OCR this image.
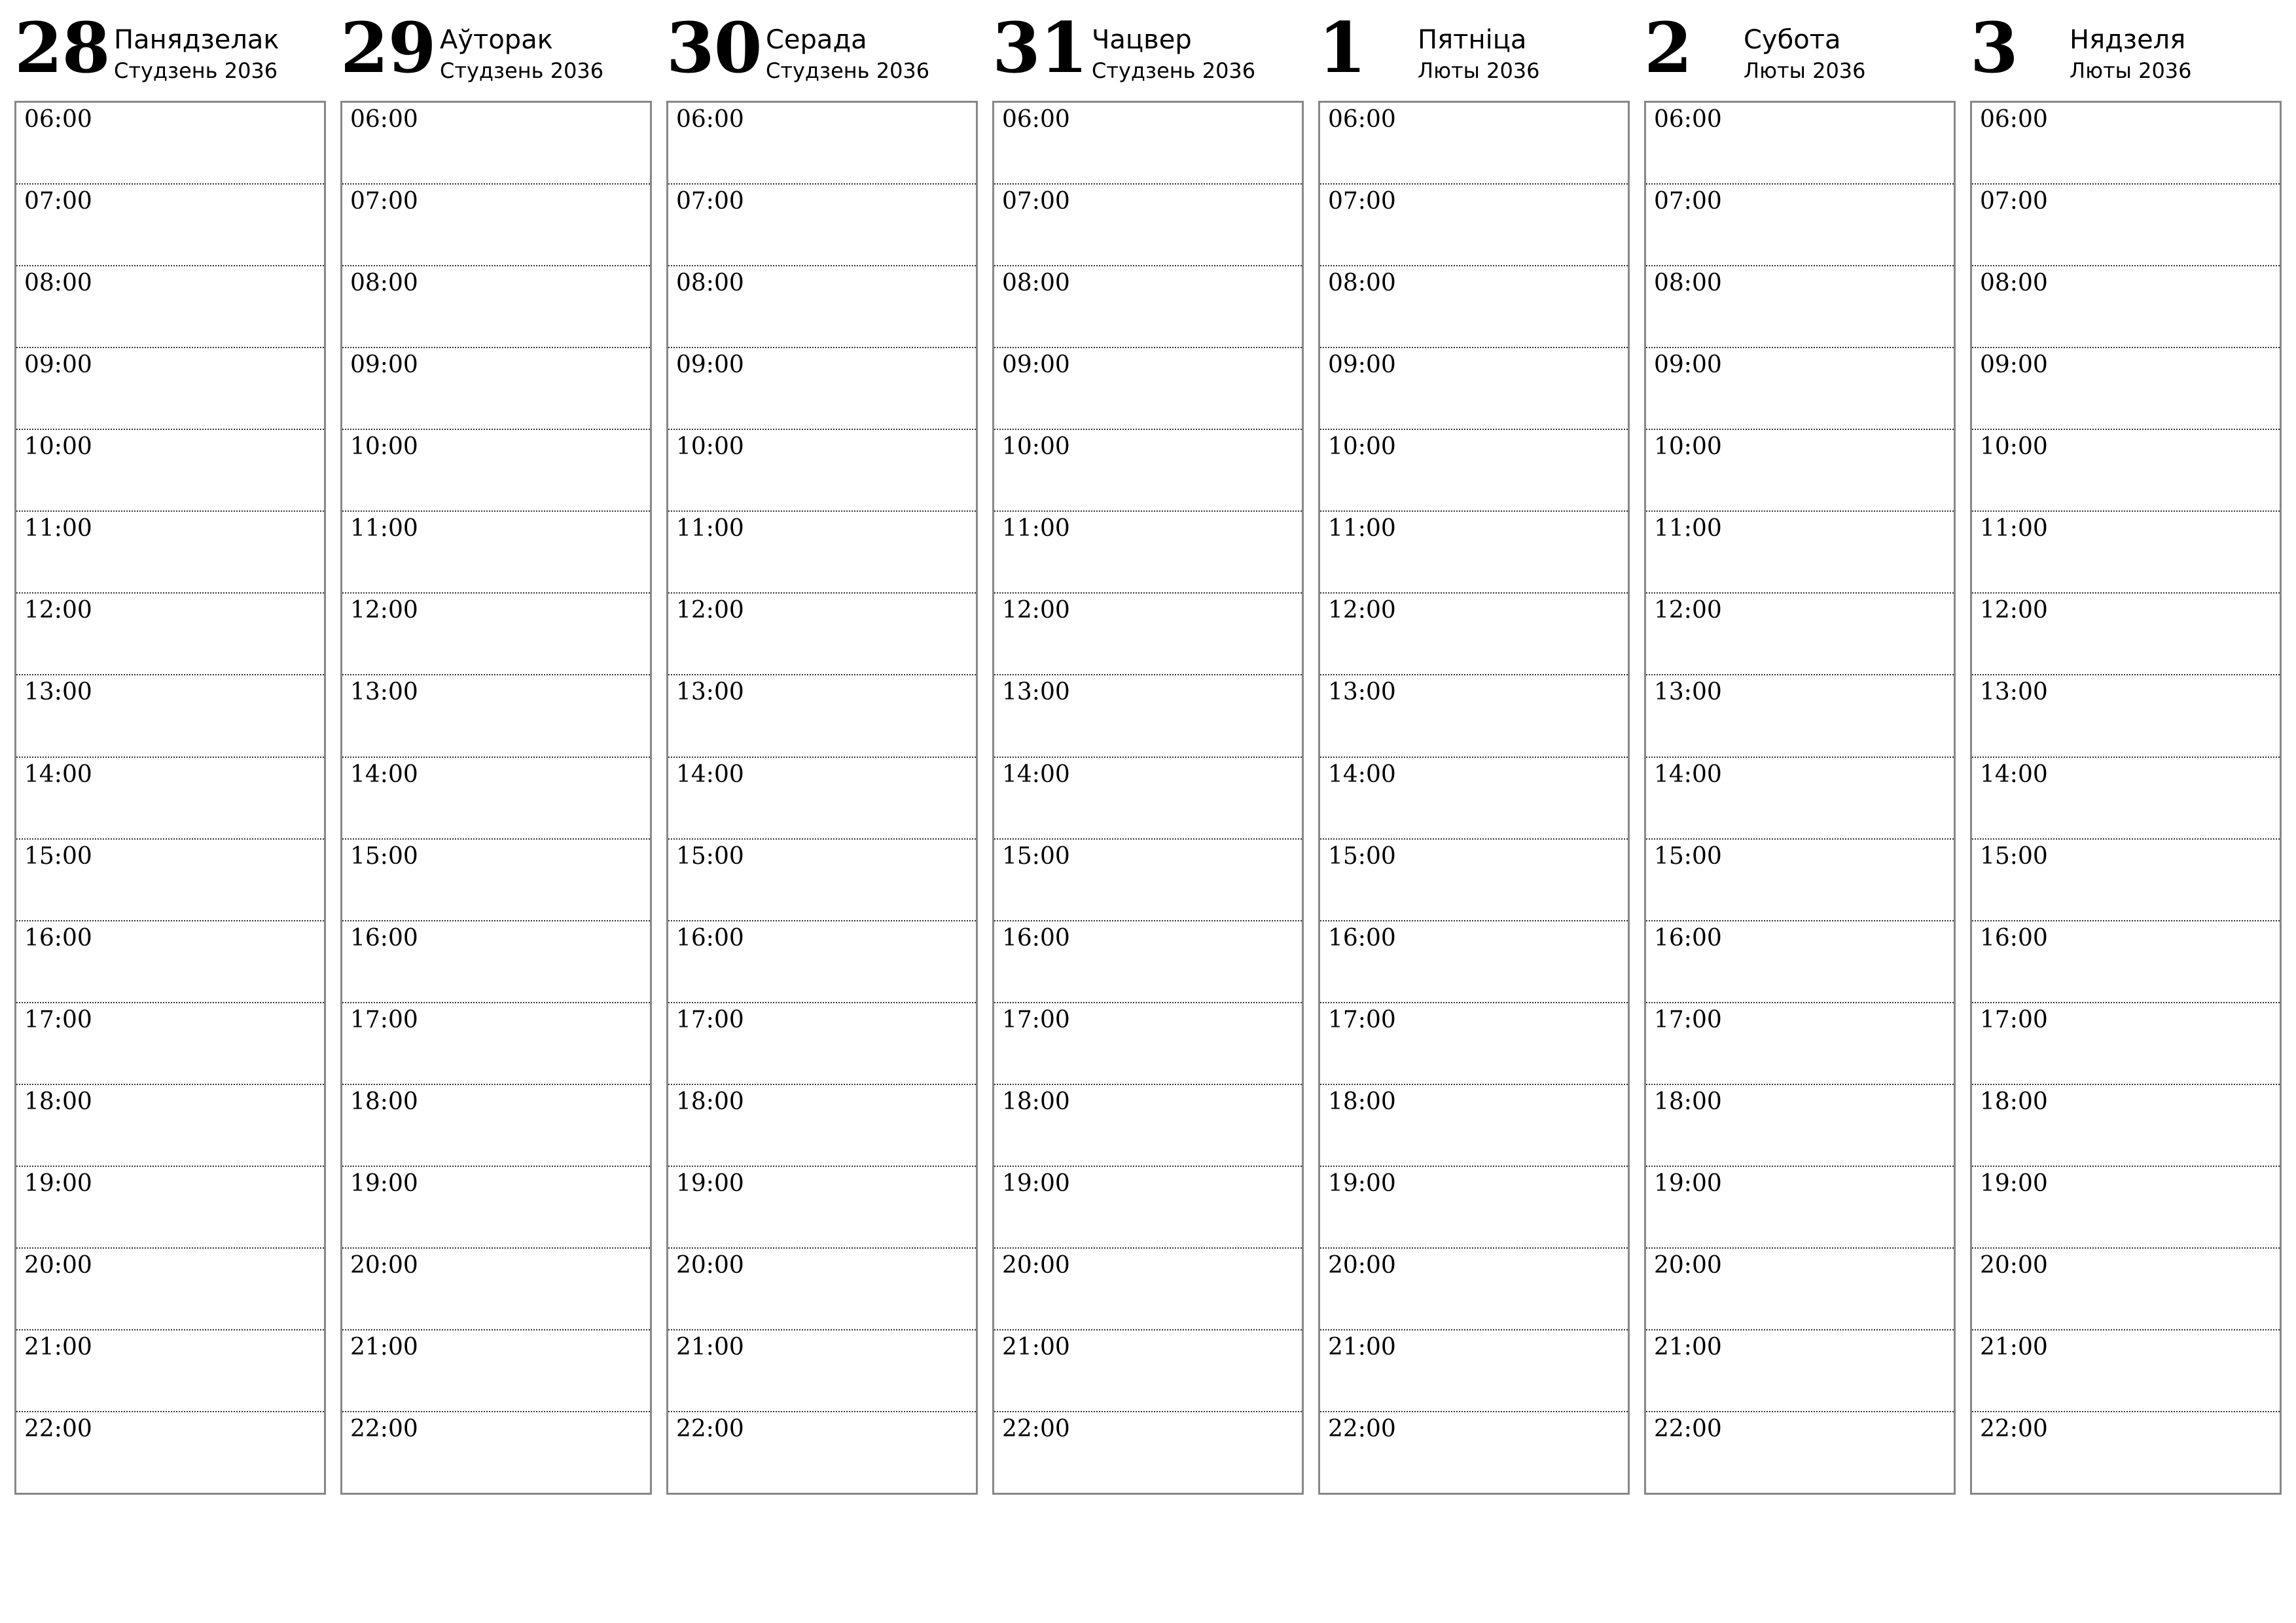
28 Панядзелак
Студзень 2036
06:00
07:00
08:00
09:00
10:00
11:00
12:00
13:00
14:00
15:00
16:00
17:00
18:00
19:00
20:00
21:00
22:00
29 Аўторак
Студзень 2036
06:00
07:00
08:00
09:00
10:00
11:00
12:00
13:00
14:00
15:00
16:00
17:00
18:00
19:00
20:00
21:00
22:00
30 Серада
Студзень 2036
06:00
07:00
08:00
09:00
10:00
11:00
12:00
13:00
14:00
15:00
16:00
17:00
18:00
19:00
20:00
21:00
22:00
31 Чацвер
Студзень 2036
06:00
07:00
08:00
09:00
10:00
11:00
12:00
13:00
14:00
15:00
16:00
17:00
18:00
19:00
20:00
21:00
22:00
1	Пятніца
Люты 2036
06:00
07:00
08:00
09:00
10:00
11:00
12:00
13:00
14:00
15:00
16:00
17:00
18:00
19:00
20:00
21:00
22:00
2	Субота
Люты 2036
06:00
07:00
08:00
09:00
10:00
11:00
12:00
13:00
14:00
15:00
16:00
17:00
18:00
19:00
20:00
21:00
22:00
3	Нядзеля
Люты 2036
06:00
07:00
08:00
09:00
10:00
11:00
12:00
13:00
14:00
15:00
16:00
17:00
18:00
19:00
20:00
21:00
22:00
